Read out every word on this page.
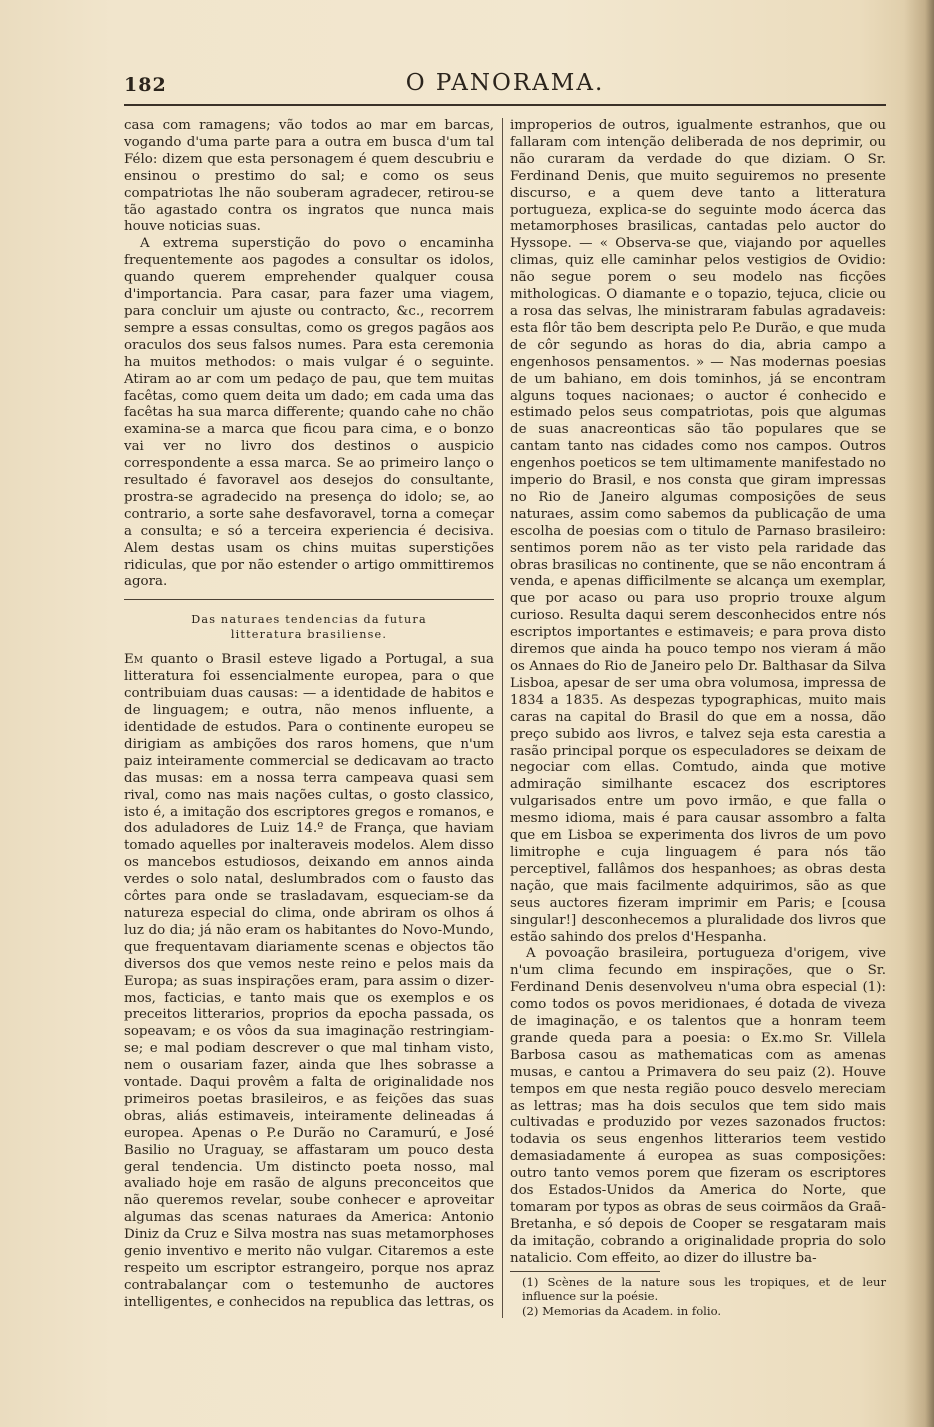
182	O PANORAMA.

casa com ramagens; vão todos ao mar em barcas, vogando d'uma parte para a outra em busca d'um tal Félo: dizem que esta personagem é quem descubriu e ensinou o prestimo do sal; e como os seus compatriotas lhe não souberam agradecer, retirou-se tão agastado contra os ingratos que nunca mais houve noticias suas.

A extrema superstição do povo o encaminha frequentemente aos pagodes a consultar os idolos, quando querem emprehender qualquer cousa d'importancia. Para casar, para fazer uma viagem, para concluir um ajuste ou contracto, &c., recorrem sempre a essas consultas, como os gregos pagãos aos oraculos dos seus falsos numes. Para esta ceremonia ha muitos methodos: o mais vulgar é o seguinte. Atiram ao ar com um pedaço de pau, que tem muitas facêtas, como quem deita um dado; em cada uma das facêtas ha sua marca differente; quando cahe no chão examina-se a marca que ficou para cima, e o bonzo vai ver no livro dos destinos o auspicio correspondente a essa marca. Se ao primeiro lanço o resultado é favoravel aos desejos do consultante, prostra-se agradecido na presença do idolo; se, ao contrario, a sorte sahe desfavoravel, torna a começar a consulta; e só a terceira experiencia é decisiva. Alem destas usam os chins muitas superstições ridiculas, que por não estender o artigo ommittiremos agora.

Das naturaes tendencias da futura
litteratura brasiliense.

Em quanto o Brasil esteve ligado a Portugal, a sua litteratura foi essencialmente europea, para o que contribuiam duas causas: — a identidade de habitos e de linguagem; e outra, não menos influente, a identidade de estudos. Para o continente europeu se dirigiam as ambições dos raros homens, que n'um paiz inteiramente commercial se dedicavam ao tracto das musas: em a nossa terra campeava quasi sem rival, como nas mais nações cultas, o gosto classico, isto é, a imitação dos escriptores gregos e romanos, e dos aduladores de Luiz 14.º de França, que haviam tomado aquelles por inalteraveis modelos. Alem disso os mancebos estudiosos, deixando em annos ainda verdes o solo natal, deslumbrados com o fausto das côrtes para onde se trasladavam, esqueciam-se da natureza especial do clima, onde abriram os olhos á luz do dia; já não eram os habitantes do Novo-Mundo, que frequentavam diariamente scenas e objectos tão diversos dos que vemos neste reino e pelos mais da Europa; as suas inspirações eram, para assim o dizer-mos, facticias, e tanto mais que os exemplos e os preceitos litterarios, proprios da epocha passada, os sopeavam; e os vôos da sua imaginação restringiam-se; e mal podiam descrever o que mal tinham visto, nem o ousariam fazer, ainda que lhes sobrasse a vontade. Daqui provêm a falta de originalidade nos primeiros poetas brasileiros, e as feições das suas obras, aliás estimaveis, inteiramente delineadas á europea. Apenas o P.e Durão no Caramurú, e José Basilio no Uraguay, se affastaram um pouco desta geral tendencia. Um distincto poeta nosso, mal avaliado hoje em rasão de alguns preconceitos que não queremos revelar, soube conhecer e aproveitar algumas das scenas naturaes da America: Antonio Diniz da Cruz e Silva mostra nas suas metamorphoses genio inventivo e merito não vulgar. Citaremos a este respeito um escriptor estrangeiro, porque nos apraz contrabalançar com o testemunho de auctores intelligentes, e conhecidos na republica das lettras, os

improperios de outros, igualmente estranhos, que ou fallaram com intenção deliberada de nos deprimir, ou não curaram da verdade do que diziam. O Sr. Ferdinand Denis, que muito seguiremos no presente discurso, e a quem deve tanto a litteratura portugueza, explica-se do seguinte modo ácerca das metamorphoses brasilicas, cantadas pelo auctor do Hyssope. — « Observa-se que, viajando por aquelles climas, quiz elle caminhar pelos vestigios de Ovidio: não segue porem o seu modelo nas ficções mithologicas. O diamante e o topazio, tejuca, clicie ou a rosa das selvas, lhe ministraram fabulas agradaveis: esta flôr tão bem descripta pelo P.e Durão, e que muda de côr segundo as horas do dia, abria campo a engenhosos pensamentos. » — Nas modernas poesias de um bahiano, em dois tominhos, já se encontram alguns toques nacionaes; o auctor é conhecido e estimado pelos seus compatriotas, pois que algumas de suas anacreonticas são tão populares que se cantam tanto nas cidades como nos campos. Outros engenhos poeticos se tem ultimamente manifestado no imperio do Brasil, e nos consta que giram impressas no Rio de Janeiro algumas composições de seus naturaes, assim como sabemos da publicação de uma escolha de poesias com o titulo de Parnaso brasileiro: sentimos porem não as ter visto pela raridade das obras brasilicas no continente, que se não encontram á venda, e apenas difficilmente se alcança um exemplar, que por acaso ou para uso proprio trouxe algum curioso. Resulta daqui serem desconhecidos entre nós escriptos importantes e estimaveis; e para prova disto diremos que ainda ha pouco tempo nos vieram á mão os Annaes do Rio de Janeiro pelo Dr. Balthasar da Silva Lisboa, apesar de ser uma obra volumosa, impressa de 1834 a 1835. As despezas typographicas, muito mais caras na capital do Brasil do que em a nossa, dão preço subido aos livros, e talvez seja esta carestia a rasão principal porque os especuladores se deixam de negociar com ellas. Comtudo, ainda que motive admiração similhante escacez dos escriptores vulgarisados entre um povo irmão, e que falla o mesmo idioma, mais é para causar assombro a falta que em Lisboa se experimenta dos livros de um povo limitrophe e cuja linguagem é para nós tão perceptivel, fallâmos dos hespanhoes; as obras desta nação, que mais facilmente adquirimos, são as que seus auctores fizeram imprimir em Paris; e [cousa singular!] desconhecemos a pluralidade dos livros que estão sahindo dos prelos d'Hespanha.

A povoação brasileira, portugueza d'origem, vive n'um clima fecundo em inspirações, que o Sr. Ferdinand Denis desenvolveu n'uma obra especial (1): como todos os povos meridionaes, é dotada de viveza de imaginação, e os talentos que a honram teem grande queda para a poesia: o Ex.mo Sr. Villela Barbosa casou as mathematicas com as amenas musas, e cantou a Primavera do seu paiz (2). Houve tempos em que nesta região pouco desvelo mereciam as lettras; mas ha dois seculos que tem sido mais cultivadas e produzido por vezes sazonados fructos: todavia os seus engenhos litterarios teem vestido demasiadamente á europea as suas composições: outro tanto vemos porem que fizeram os escriptores dos Estados-Unidos da America do Norte, que tomaram por typos as obras de seus coirmãos da Graã-Bretanha, e só depois de Cooper se resgataram mais da imitação, cobrando a originalidade propria do solo natalicio. Com effeito, ao dizer do illustre ba-

(1) Scènes de la nature sous les tropiques, et de leur influence sur la poésie.
(2) Memorias da Academ. in folio.
